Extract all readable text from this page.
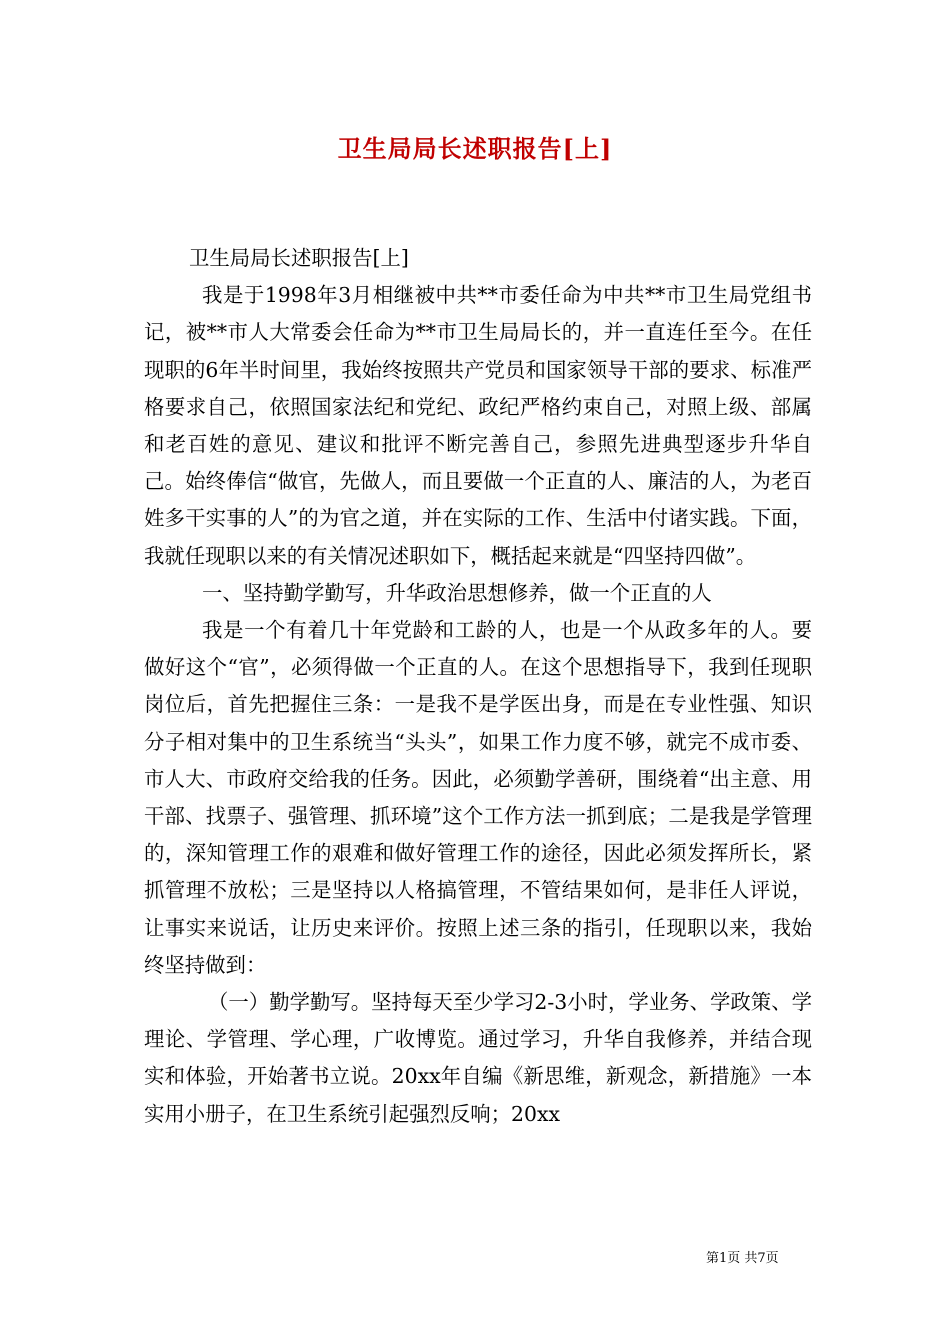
卫生局局长述职报告[上]

卫生局局长述职报告[上]

我是于1998年3月相继被中共**市委任命为中共**市卫生局党组书记，被**市人大常委会任命为**市卫生局局长的，并一直连任至今。在任现职的6年半时间里，我始终按照共产党员和国家领导干部的要求、标准严格要求自己，依照国家法纪和党纪、政纪严格约束自己，对照上级、部属和老百姓的意见、建议和批评不断完善自己，参照先进典型逐步升华自己。始终俸信“做官，先做人，而且要做一个正直的人、廉洁的人，为老百姓多干实事的人”的为官之道，并在实际的工作、生活中付诸实践。下面，我就任现职以来的有关情况述职如下，概括起来就是“四坚持四做”。

一、坚持勤学勤写，升华政治思想修养，做一个正直的人

我是一个有着几十年党龄和工龄的人，也是一个从政多年的人。要做好这个“官”，必须得做一个正直的人。在这个思想指导下，我到任现职岗位后，首先把握住三条：一是我不是学医出身，而是在专业性强、知识分子相对集中的卫生系统当“头头”，如果工作力度不够，就完不成市委、市人大、市政府交给我的任务。因此，必须勤学善研，围绕着“出主意、用干部、找票子、强管理、抓环境”这个工作方法一抓到底；二是我是学管理的，深知管理工作的艰难和做好管理工作的途径，因此必须发挥所长，紧抓管理不放松；三是坚持以人格搞管理，不管结果如何，是非任人评说，让事实来说话，让历史来评价。按照上述三条的指引，任现职以来，我始终坚持做到：

（一）勤学勤写。坚持每天至少学习2-3小时，学业务、学政策、学理论、学管理、学心理，广收博览。通过学习，升华自我修养，并结合现实和体验，开始著书立说。20xx年自编《新思维，新观念，新措施》一本实用小册子，在卫生系统引起强烈反响；20xx

第1页 共7页
